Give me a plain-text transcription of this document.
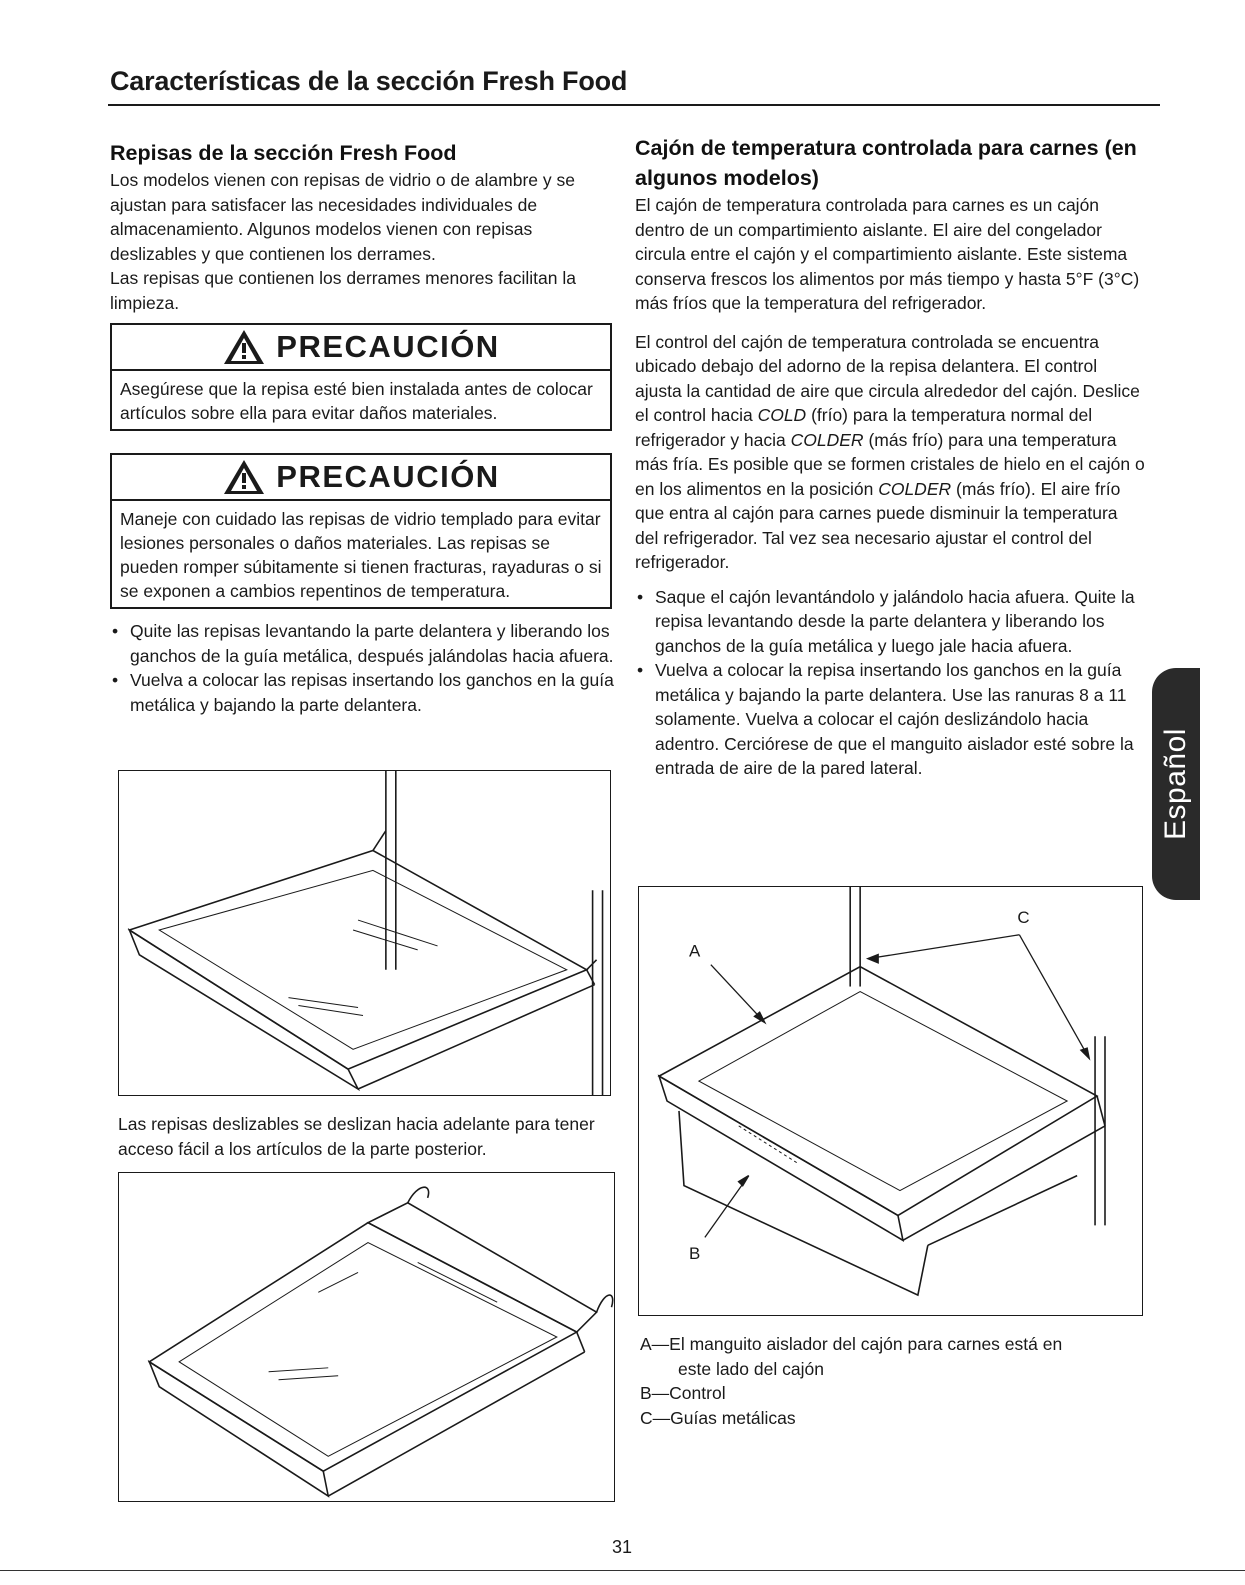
Características de la sección Fresh Food
Repisas de la sección Fresh Food

Los modelos vienen con repisas de vidrio o de alambre y se ajustan para satisfacer las necesidades individuales de almacenamiento. Algunos modelos vienen con repisas deslizables y que contienen los derrames.

Las repisas que contienen los derrames menores facilitan la limpieza.

PRECAUCIÓN
Asegúrese que la repisa esté bien instalada antes de colocar artículos sobre ella para evitar daños materiales.
PRECAUCIÓN
Maneje con cuidado las repisas de vidrio templado para evitar lesiones personales o daños materiales. Las repisas se pueden romper súbitamente si tienen fracturas, rayaduras o si se exponen a cambios repentinos de temperatura.
• Quite las repisas levantando la parte delantera y liberando los ganchos de la guía metálica, después jalándolas hacia afuera.
• Vuelva a colocar las repisas insertando los ganchos en la guía metálica y bajando la parte delantera.
Las repisas deslizables se deslizan hacia adelante para tener acceso fácil a los artículos de la parte posterior.
Cajón de temperatura controlada para carnes (en algunos modelos)

El cajón de temperatura controlada para carnes es un cajón dentro de un compartimiento aislante. El aire del congelador circula entre el cajón y el compartimiento aislante. Este sistema conserva frescos los alimentos por más tiempo y hasta 5°F (3°C) más fríos que la temperatura del refrigerador.

El control del cajón de temperatura controlada se encuentra ubicado debajo del adorno de la repisa delantera. El control ajusta la cantidad de aire que circula alrededor del cajón. Deslice el control hacia COLD (frío) para la temperatura normal del refrigerador y hacia COLDER (más frío) para una temperatura más fría. Es posible que se formen cristales de hielo en el cajón o en los alimentos en la posición COLDER (más frío). El aire frío que entra al cajón para carnes puede disminuir la temperatura del refrigerador. Tal vez sea necesario ajustar el control del refrigerador.

• Saque el cajón levantándolo y jalándolo hacia afuera. Quite la repisa levantando desde la parte delantera y liberando los ganchos de la guía metálica y luego jale hacia afuera.
• Vuelva a colocar la repisa insertando los ganchos en la guía metálica y bajando la parte delantera. Use las ranuras 8 a 11 solamente. Vuelva a colocar el cajón deslizándolo hacia adentro. Cerciórese de que el manguito aislador esté sobre la entrada de aire de la pared lateral.
A
C
B
A—El manguito aislador del cajón para carnes está en
este lado del cajón
B—Control
C—Guías metálicas
Español
31
